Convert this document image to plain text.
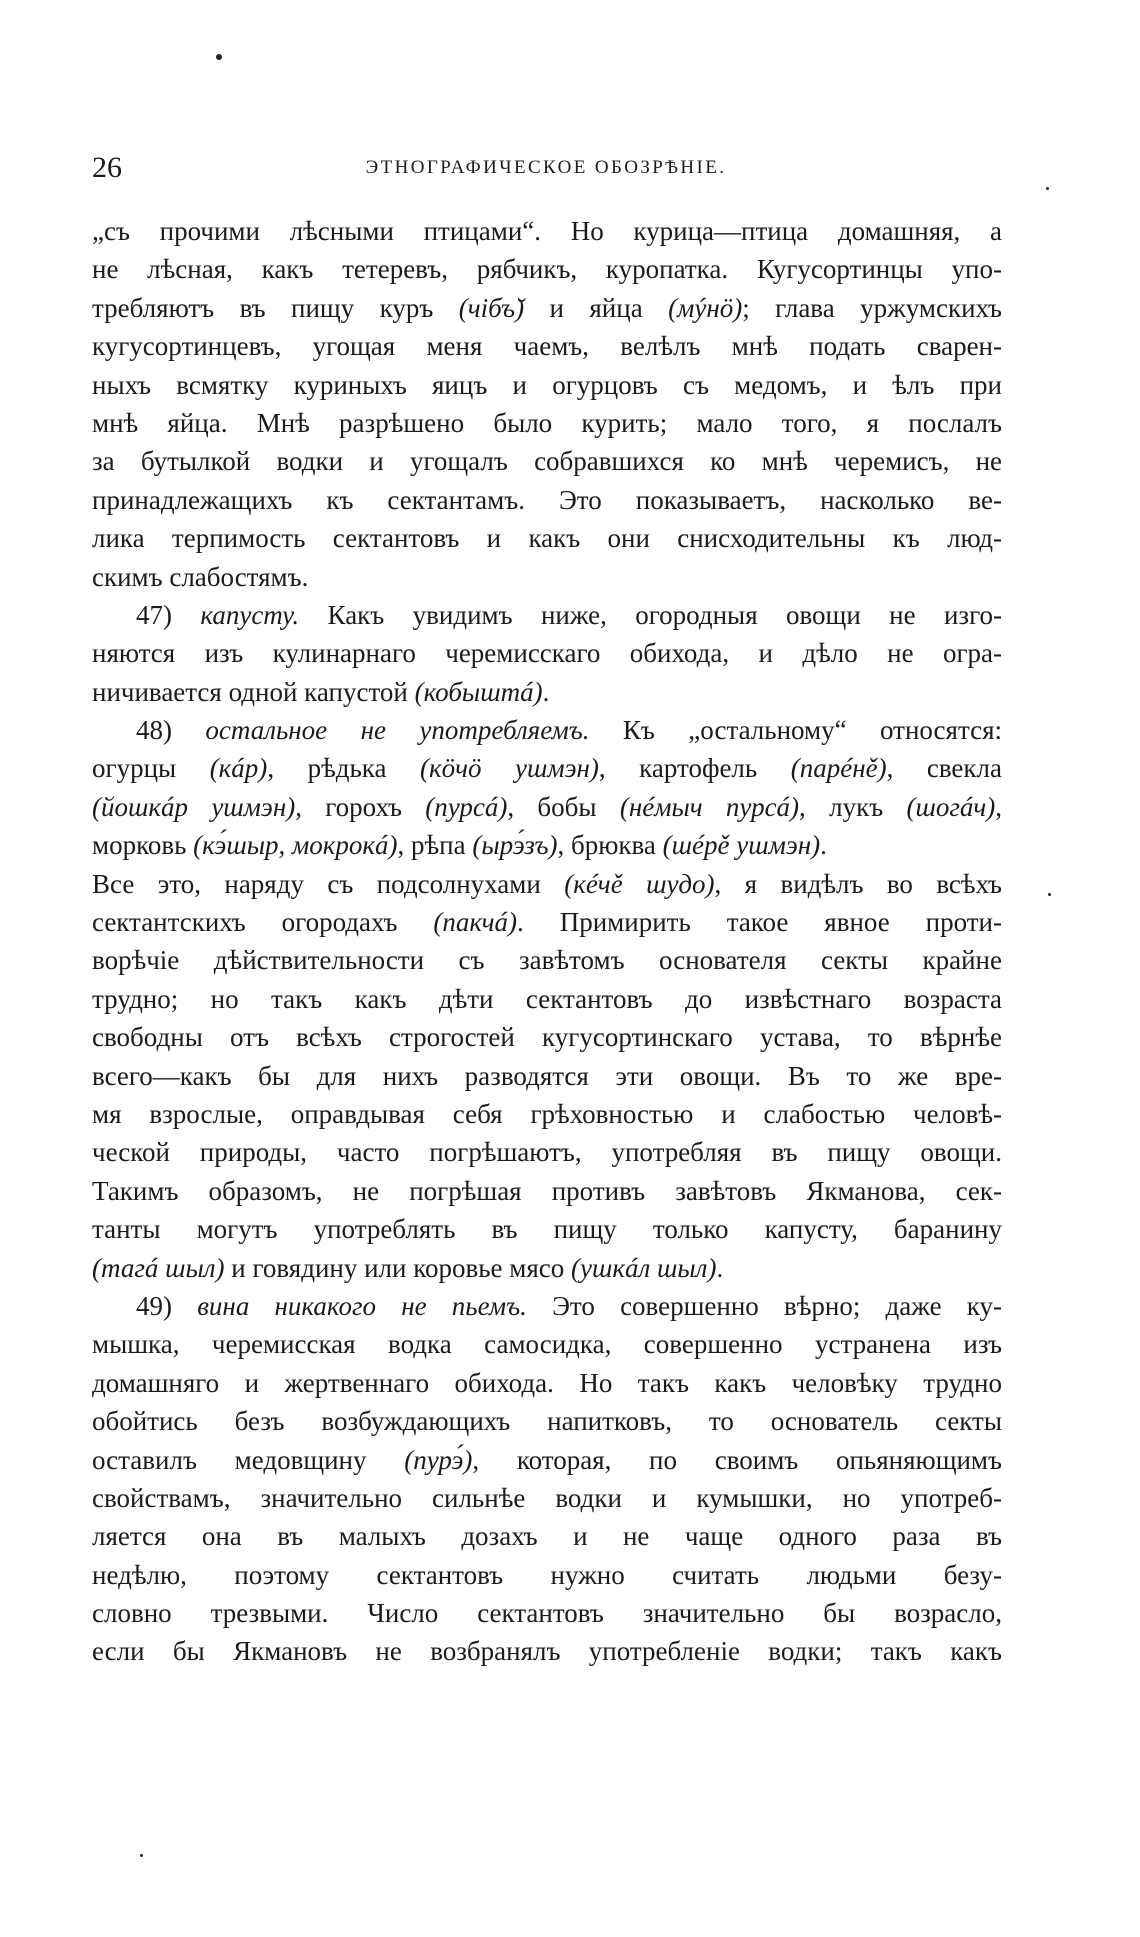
26	ЭТНОГРАФИЧЕСКОЕ ОБОЗРѢНІЕ.
„съ прочими лѣсными птицами“. Но курица—птица домашняя, а
не лѣсная, какъ тетеревъ, рябчикъ, куропатка. Кугусортинцы упо-
требляютъ въ пищу куръ (чiбъ̆) и яйца (мýнö); глава уржумскихъ
кугусортинцевъ, угощая меня чаемъ, велѣлъ мнѣ подать сварен-
ныхъ всмятку куриныхъ яицъ и огурцовъ съ медомъ, и ѣлъ при
мнѣ яйца. Мнѣ разрѣшено было курить; мало того, я послалъ
за бутылкой водки и угощалъ собравшихся ко мнѣ черемисъ, не
принадлежащихъ къ сектантамъ. Это показываетъ, насколько ве-
лика терпимость сектантовъ и какъ они снисходительны къ люд-
скимъ слабостямъ.
47) капусту. Какъ увидимъ ниже, огородныя овощи не изго-
няются изъ кулинарнаго черемисскаго обихода, и дѣло не огра-
ничивается одной капустой (кобыштá).
48) остальное не употребляемъ. Къ „остальному“ относятся:
огурцы (кáр), рѣдька (кöчö ушмэн), картофель (парéнě), свекла
(йошкáр ушмэн), горохъ (пурсá), бобы (нéмыч пурсá), лукъ (шогáч),
морковь (кэ́шыр, мокрокá), рѣпа (ырэ́зъ), брюква (шéрě ушмэн).
Все это, наряду съ подсолнухами (кéчě шудо), я видѣлъ во всѣхъ
сектантскихъ огородахъ (пакчá). Примирить такое явное проти-
ворѣчіе дѣйствительности съ завѣтомъ основателя секты крайне
трудно; но такъ какъ дѣти сектантовъ до извѣстнаго возраста
свободны отъ всѣхъ строгостей кугусортинскаго устава, то вѣрнѣе
всего—какъ бы для нихъ разводятся эти овощи. Въ то же вре-
мя взрослые, оправдывая себя грѣховностью и слабостью человѣ-
ческой природы, часто погрѣшаютъ, употребляя въ пищу овощи.
Такимъ образомъ, не погрѣшая противъ завѣтовъ Якманова, сек-
танты могутъ употреблять въ пищу только капусту, баранину
(тагá шыл) и говядину или коровье мясо (ушкáл шыл).
49) вина никакого не пьемъ. Это совершенно вѣрно; даже ку-
мышка, черемисская водка самосидка, совершенно устранена изъ
домашняго и жертвеннаго обихода. Но такъ какъ человѣку трудно
обойтись безъ возбуждающихъ напитковъ, то основатель секты
оставилъ медовщину (пурэ́), которая, по своимъ опьяняющимъ
свойствамъ, значительно сильнѣе водки и кумышки, но употреб-
ляется она въ малыхъ дозахъ и не чаще одного раза въ
недѣлю, поэтому сектантовъ нужно считать людьми безу-
словно трезвыми. Число сектантовъ значительно бы возрасло,
если бы Якмановъ не возбранялъ употребленіе водки; такъ какъ
